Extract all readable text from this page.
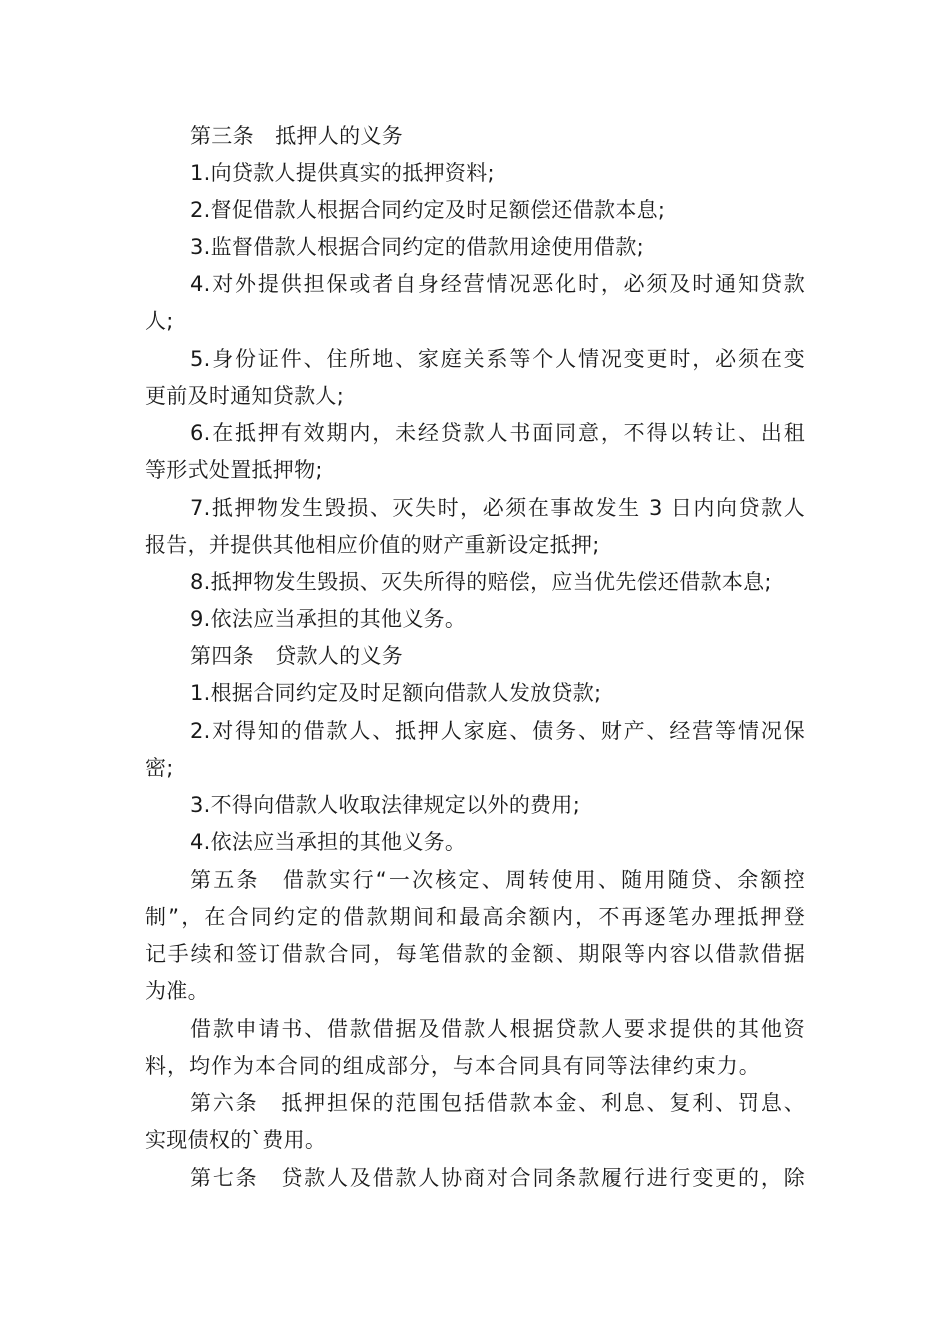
第三条　抵押人的义务
1.向贷款人提供真实的抵押资料;
2.督促借款人根据合同约定及时足额偿还借款本息;
3.监督借款人根据合同约定的借款用途使用借款;
4.对外提供担保或者自身经营情况恶化时，必须及时通知贷款
人;
5.身份证件、住所地、家庭关系等个人情况变更时，必须在变
更前及时通知贷款人;
6.在抵押有效期内，未经贷款人书面同意，不得以转让、出租
等形式处置抵押物;
7.抵押物发生毁损、灭失时，必须在事故发生 3 日内向贷款人
报告，并提供其他相应价值的财产重新设定抵押;
8.抵押物发生毁损、灭失所得的赔偿，应当优先偿还借款本息;
9.依法应当承担的其他义务。
第四条　贷款人的义务
1.根据合同约定及时足额向借款人发放贷款;
2.对得知的借款人、抵押人家庭、债务、财产、经营等情况保
密;
3.不得向借款人收取法律规定以外的费用;
4.依法应当承担的其他义务。
第五条　借款实行“一次核定、周转使用、随用随贷、余额控
制”，在合同约定的借款期间和最高余额内，不再逐笔办理抵押登
记手续和签订借款合同，每笔借款的金额、期限等内容以借款借据
为准。
借款申请书、借款借据及借款人根据贷款人要求提供的其他资
料，均作为本合同的组成部分，与本合同具有同等法律约束力。
第六条　抵押担保的范围包括借款本金、利息、复利、罚息、
实现债权的`费用。
第七条　贷款人及借款人协商对合同条款履行进行变更的，除
